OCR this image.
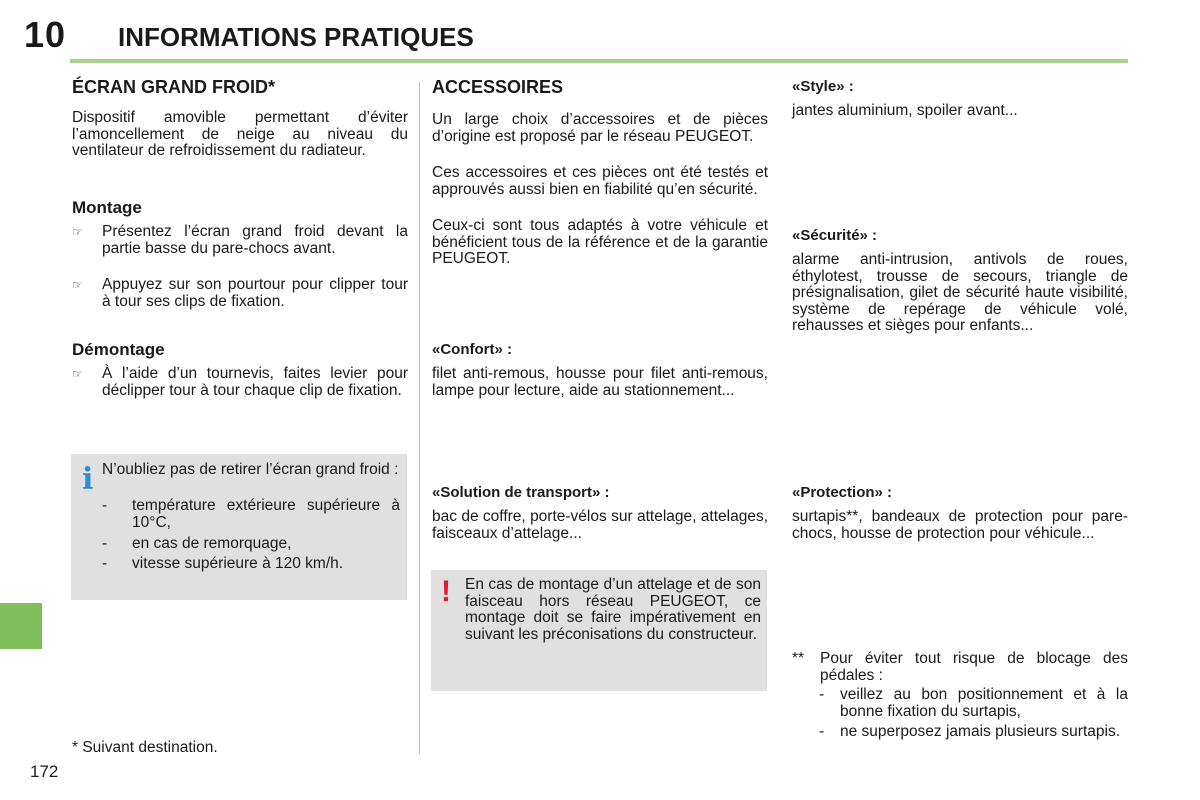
10 INFORMATIONS PRATIQUES

ÉCRAN GRAND FROID*

Dispositif amovible permettant d’éviter l’amoncellement de neige au niveau du ventilateur de refroidissement du radiateur.

Montage

☞ Présentez l’écran grand froid devant la partie basse du pare-chocs avant.
☞ Appuyez sur son pourtour pour clipper tour à tour ses clips de fixation.

Démontage

☞ À l’aide d’un tournevis, faites levier pour déclipper tour à tour chaque clip de fixation.
i N’oubliez pas de retirer l’écran grand froid :

- température extérieure supérieure à 10°C,
- en cas de remorquage,
- vitesse supérieure à 120 km/h.

* Suivant destination.

172

ACCESSOIRES

Un large choix d’accessoires et de pièces d’origine est proposé par le réseau PEUGEOT.

Ces accessoires et ces pièces ont été testés et approuvés aussi bien en fiabilité qu’en sécurité.

Ceux-ci sont tous adaptés à votre véhicule et bénéficient tous de la référence et de la garantie PEUGEOT.

«Confort» :

filet anti-remous, housse pour filet anti-remous, lampe pour lecture, aide au stationnement...

«Solution de transport» :

bac de coffre, porte-vélos sur attelage, attelages, faisceaux d’attelage...

! En cas de montage d’un attelage et de son faisceau hors réseau PEUGEOT, ce montage doit se faire impérativement en suivant les préconisations du constructeur.

«Style» :

jantes aluminium, spoiler avant...

«Sécurité» :

alarme anti-intrusion, antivols de roues, éthylotest, trousse de secours, triangle de présignalisation, gilet de sécurité haute visibilité, système de repérage de véhicule volé, rehausses et sièges pour enfants...

«Protection» :

surtapis**, bandeaux de protection pour pare-chocs, housse de protection pour véhicule...

** Pour éviter tout risque de blocage des pédales :
- veillez au bon positionnement et à la bonne fixation du surtapis,
- ne superposez jamais plusieurs surtapis.
